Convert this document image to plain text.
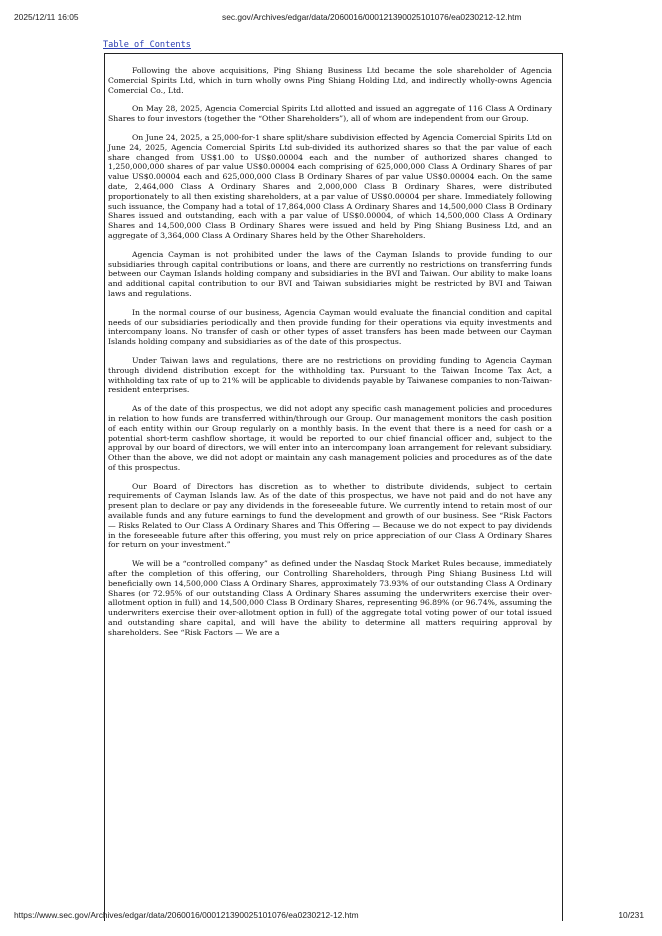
2025/12/11 16:05	sec.gov/Archives/edgar/data/2060016/000121390025101076/ea0230212-12.htm
Table of Contents

Following the above acquisitions, Ping Shiang Business Ltd became the sole shareholder of Agencia Comercial Spirits Ltd, which in turn wholly owns Ping Shiang Holding Ltd, and indirectly wholly-owns Agencia Comercial Co., Ltd.

On May 28, 2025, Agencia Comercial Spirits Ltd allotted and issued an aggregate of 116 Class A Ordinary Shares to four investors (together the “Other Shareholders”), all of whom are independent from our Group.

On June 24, 2025, a 25,000-for-1 share split/share subdivision effected by Agencia Comercial Spirits Ltd on June 24, 2025, Agencia Comercial Spirits Ltd sub-divided its authorized shares so that the par value of each share changed from US$1.00 to US$0.00004 each and the number of authorized shares changed to 1,250,000,000 shares of par value US$0.00004 each comprising of 625,000,000 Class A Ordinary Shares of par value US$0.00004 each and 625,000,000 Class B Ordinary Shares of par value US$0.00004 each. On the same date, 2,464,000 Class A Ordinary Shares and 2,000,000 Class B Ordinary Shares, were distributed proportionately to all then existing shareholders, at a par value of US$0.00004 per share. Immediately following such issuance, the Company had a total of 17,864,000 Class A Ordinary Shares and 14,500,000 Class B Ordinary Shares issued and outstanding, each with a par value of US$0.00004, of which 14,500,000 Class A Ordinary Shares and 14,500,000 Class B Ordinary Shares were issued and held by Ping Shiang Business Ltd, and an aggregate of 3,364,000 Class A Ordinary Shares held by the Other Shareholders.

Agencia Cayman is not prohibited under the laws of the Cayman Islands to provide funding to our subsidiaries through capital contributions or loans, and there are currently no restrictions on transferring funds between our Cayman Islands holding company and subsidiaries in the BVI and Taiwan. Our ability to make loans and additional capital contribution to our BVI and Taiwan subsidiaries might be restricted by BVI and Taiwan laws and regulations.

In the normal course of our business, Agencia Cayman would evaluate the financial condition and capital needs of our subsidiaries periodically and then provide funding for their operations via equity investments and intercompany loans. No transfer of cash or other types of asset transfers has been made between our Cayman Islands holding company and subsidiaries as of the date of this prospectus.

Under Taiwan laws and regulations, there are no restrictions on providing funding to Agencia Cayman through dividend distribution except for the withholding tax. Pursuant to the Taiwan Income Tax Act, a withholding tax rate of up to 21% will be applicable to dividends payable by Taiwanese companies to non-Taiwan-resident enterprises.

As of the date of this prospectus, we did not adopt any specific cash management policies and procedures in relation to how funds are transferred within/through our Group. Our management monitors the cash position of each entity within our Group regularly on a monthly basis. In the event that there is a need for cash or a potential short-term cashflow shortage, it would be reported to our chief financial officer and, subject to the approval by our board of directors, we will enter into an intercompany loan arrangement for relevant subsidiary. Other than the above, we did not adopt or maintain any cash management policies and procedures as of the date of this prospectus.

Our Board of Directors has discretion as to whether to distribute dividends, subject to certain requirements of Cayman Islands law. As of the date of this prospectus, we have not paid and do not have any present plan to declare or pay any dividends in the foreseeable future. We currently intend to retain most of our available funds and any future earnings to fund the development and growth of our business. See “Risk Factors — Risks Related to Our Class A Ordinary Shares and This Offering — Because we do not expect to pay dividends in the foreseeable future after this offering, you must rely on price appreciation of our Class A Ordinary Shares for return on your investment.”

We will be a “controlled company” as defined under the Nasdaq Stock Market Rules because, immediately after the completion of this offering, our Controlling Shareholders, through Ping Shiang Business Ltd will beneficially own 14,500,000 Class A Ordinary Shares, approximately 73.93% of our outstanding Class A Ordinary Shares (or 72.95% of our outstanding Class A Ordinary Shares assuming the underwriters exercise their over-allotment option in full) and 14,500,000 Class B Ordinary Shares, representing 96.89% (or 96.74%, assuming the underwriters exercise their over-allotment option in full) of the aggregate total voting power of our total issued and outstanding share capital, and will have the ability to determine all matters requiring approval by shareholders. See “Risk Factors — We are a

https://www.sec.gov/Archives/edgar/data/2060016/000121390025101076/ea0230212-12.htm	10/231
